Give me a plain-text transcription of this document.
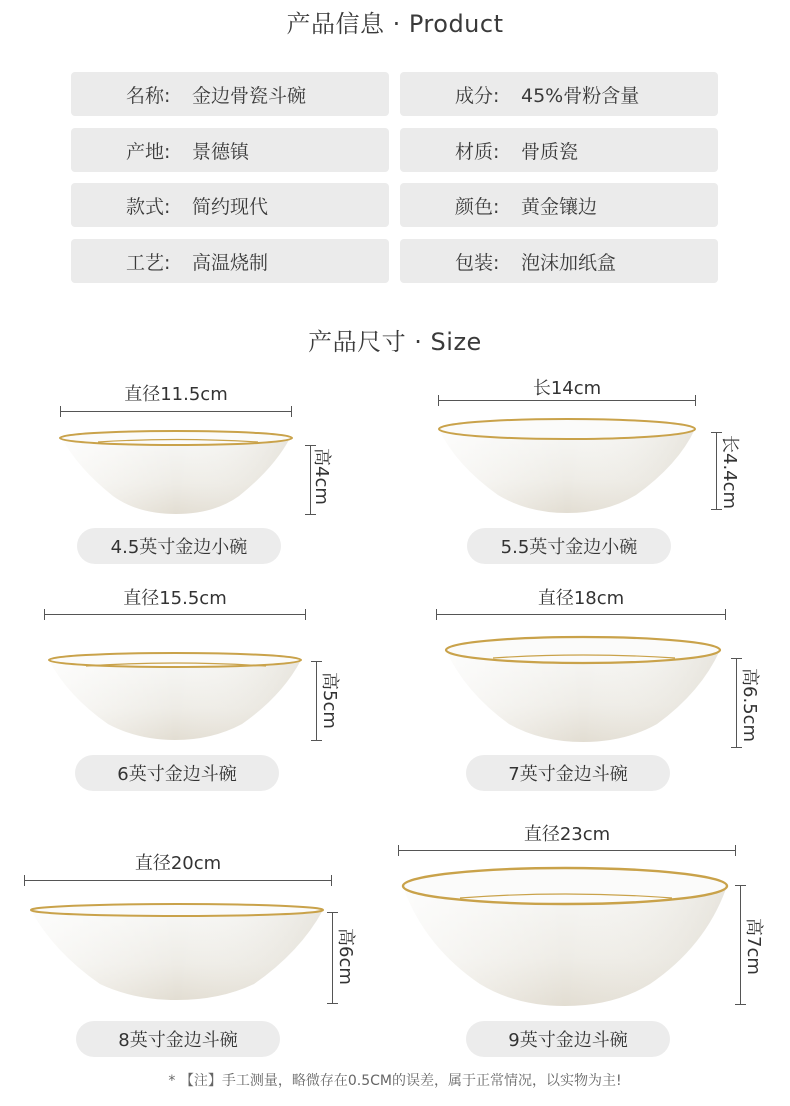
产品信息 · Product
名称:	金边骨瓷斗碗	成分:	45%骨粉含量
产地:	景德镇	材质:	骨质瓷
款式:	简约现代	颜色:	黄金镶边
工艺:	高温烧制	包装:	泡沫加纸盒
产品尺寸 · Size
直径11.5cm
高4cm
4.5英寸金边小碗
长14cm
长4.4cm
5.5英寸金边小碗
直径15.5cm
高5cm
6英寸金边斗碗
直径18cm
高6.5cm
7英寸金边斗碗
直径20cm
高6cm
8英寸金边斗碗
直径23cm
高7cm
9英寸金边斗碗
* 【注】手工测量，略微存在0.5CM的误差，属于正常情况，以实物为主!
